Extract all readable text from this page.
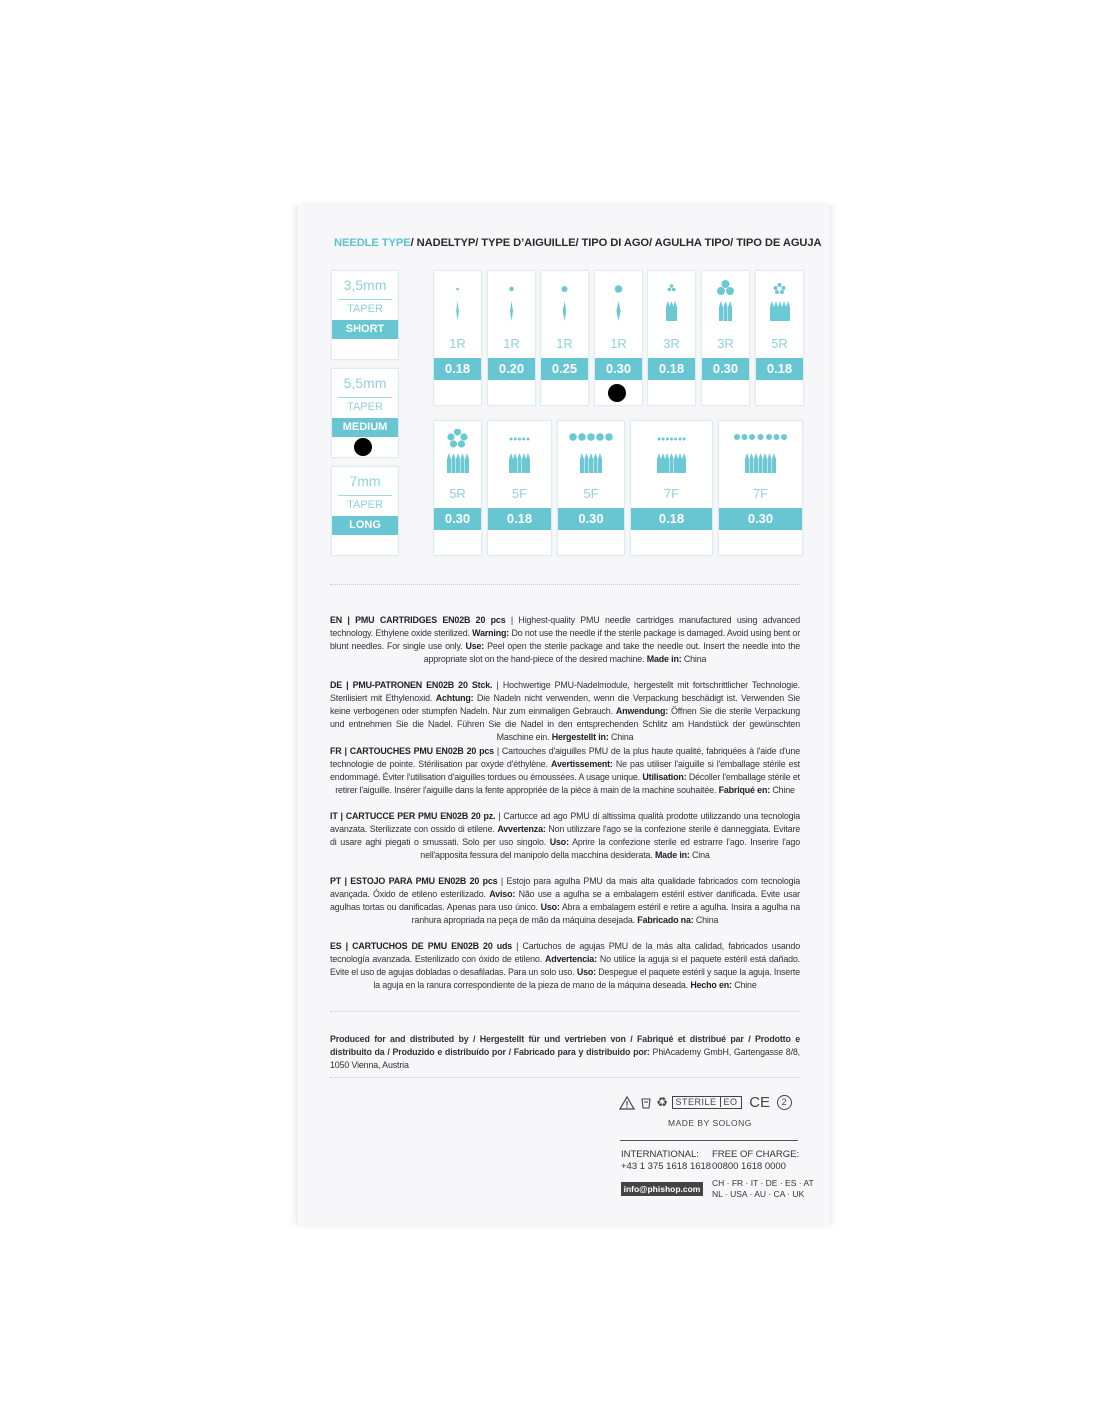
NEEDLE TYPE/ NADELTYP/ TYPE D’AIGUILLE/ TIPO DI AGO/ AGULHA TIPO/ TIPO DE AGUJA
3,5mm
TAPER
SHORT
5,5mm
TAPER
MEDIUM
7mm
TAPER
LONG
1R
0.18
1R
0.20
1R
0.25
1R
0.30
3R
0.18
3R
0.30
5R
0.18
5R
0.30
5F
0.18
5F
0.30
7F
0.18
7F
0.30
EN | PMU CARTRIDGES EN02B 20 pcs | Highest-quality PMU needle cartridges manufactured using advanced technology. Ethylene oxide sterilized. Warning: Do not use the needle if the sterile package is damaged. Avoid using bent or blunt needles. For single use only. Use: Peel open the sterile package and take the needle out. Insert the needle into the appropriate slot on the hand-piece of the desired machine. Made in: China
DE | PMU-PATRONEN EN02B 20 Stck. | Hochwertige PMU-Nadelmodule, hergestellt mit fortschrittlicher Technologie. Sterilisiert mit Ethylenoxid. Achtung: Die Nadeln nicht verwenden, wenn die Verpackung beschädigt ist. Verwenden Sie keine verbogenen oder stumpfen Nadeln. Nur zum einmaligen Gebrauch. Anwendung: Öffnen Sie die sterile Verpackung und entnehmen Sie die Nadel. Führen Sie die Nadel in den entsprechenden Schlitz am Handstück der gewünschten Maschine ein. Hergestellt in: China
FR | CARTOUCHES PMU EN02B 20 pcs | Cartouches d'aiguilles PMU de la plus haute qualité, fabriquées à l'aide d'une technologie de pointe. Stérilisation par oxyde d'éthylène. Avertissement: Ne pas utiliser l'aiguille si l'emballage stérile est endommagé. Éviter l'utilisation d'aiguilles tordues ou émoussées. A usage unique. Utilisation: Décoller l'emballage stérile et retirer l'aiguille. Insérer l'aiguille dans la fente appropriée de la pièce à main de la machine souhaitée. Fabriqué en: Chine
IT | CARTUCCE PER PMU EN02B 20 pz. | Cartucce ad ago PMU di altissima qualità prodotte utilizzando una tecnologia avanzata. Sterilizzate con ossido di etilene. Avvertenza: Non utilizzare l'ago se la confezione sterile è danneggiata. Evitare di usare aghi piegati o smussati. Solo per uso singolo. Uso: Aprire la confezione sterile ed estrarre l'ago. Inserire l'ago nell'apposita fessura del manipolo della macchina desiderata. Made in: Cina
PT | ESTOJO PARA PMU EN02B 20 pcs | Estojo para agulha PMU da mais alta qualidade fabricados com tecnologia avançada. Óxido de etileno esterilizado. Aviso: Não use a agulha se a embalagem estéril estiver danificada. Evite usar agulhas tortas ou danificadas. Apenas para uso único. Uso: Abra a embalagem estéril e retire a agulha. Insira a agulha na ranhura apropriada na peça de mão da máquina desejada. Fabricado na: China
ES | CARTUCHOS DE PMU EN02B 20 uds | Cartuchos de agujas PMU de la más alta calidad, fabricados usando tecnología avanzada. Esterilizado con óxido de etileno. Advertencia: No utilice la aguja si el paquete estéril está dañado. Evite el uso de agujas dobladas o desafiladas. Para un solo uso. Uso: Despegue el paquete estéril y saque la aguja. Inserte la aguja en la ranura correspondiente de la pieza de mano de la máquina deseada. Hecho en: Chine
Produced for and distributed by / Hergestellt für und vertrieben von / Fabriqué et distribué par / Prodotto e distribuito da / Produzido e distribuído por / Fabricado para y distribuido por: PhiAcademy GmbH, Gartengasse 8/8, 1050 Vienna, Austria
♻ STERILE EO CE 2
MADE BY SOLONG
INTERNATIONAL: FREE OF CHARGE:
+43 1 375 1618 1618 00800 1618 0000
info@phishop.com
CH · FR · IT · DE · ES · AT
NL · USA · AU · CA · UK
